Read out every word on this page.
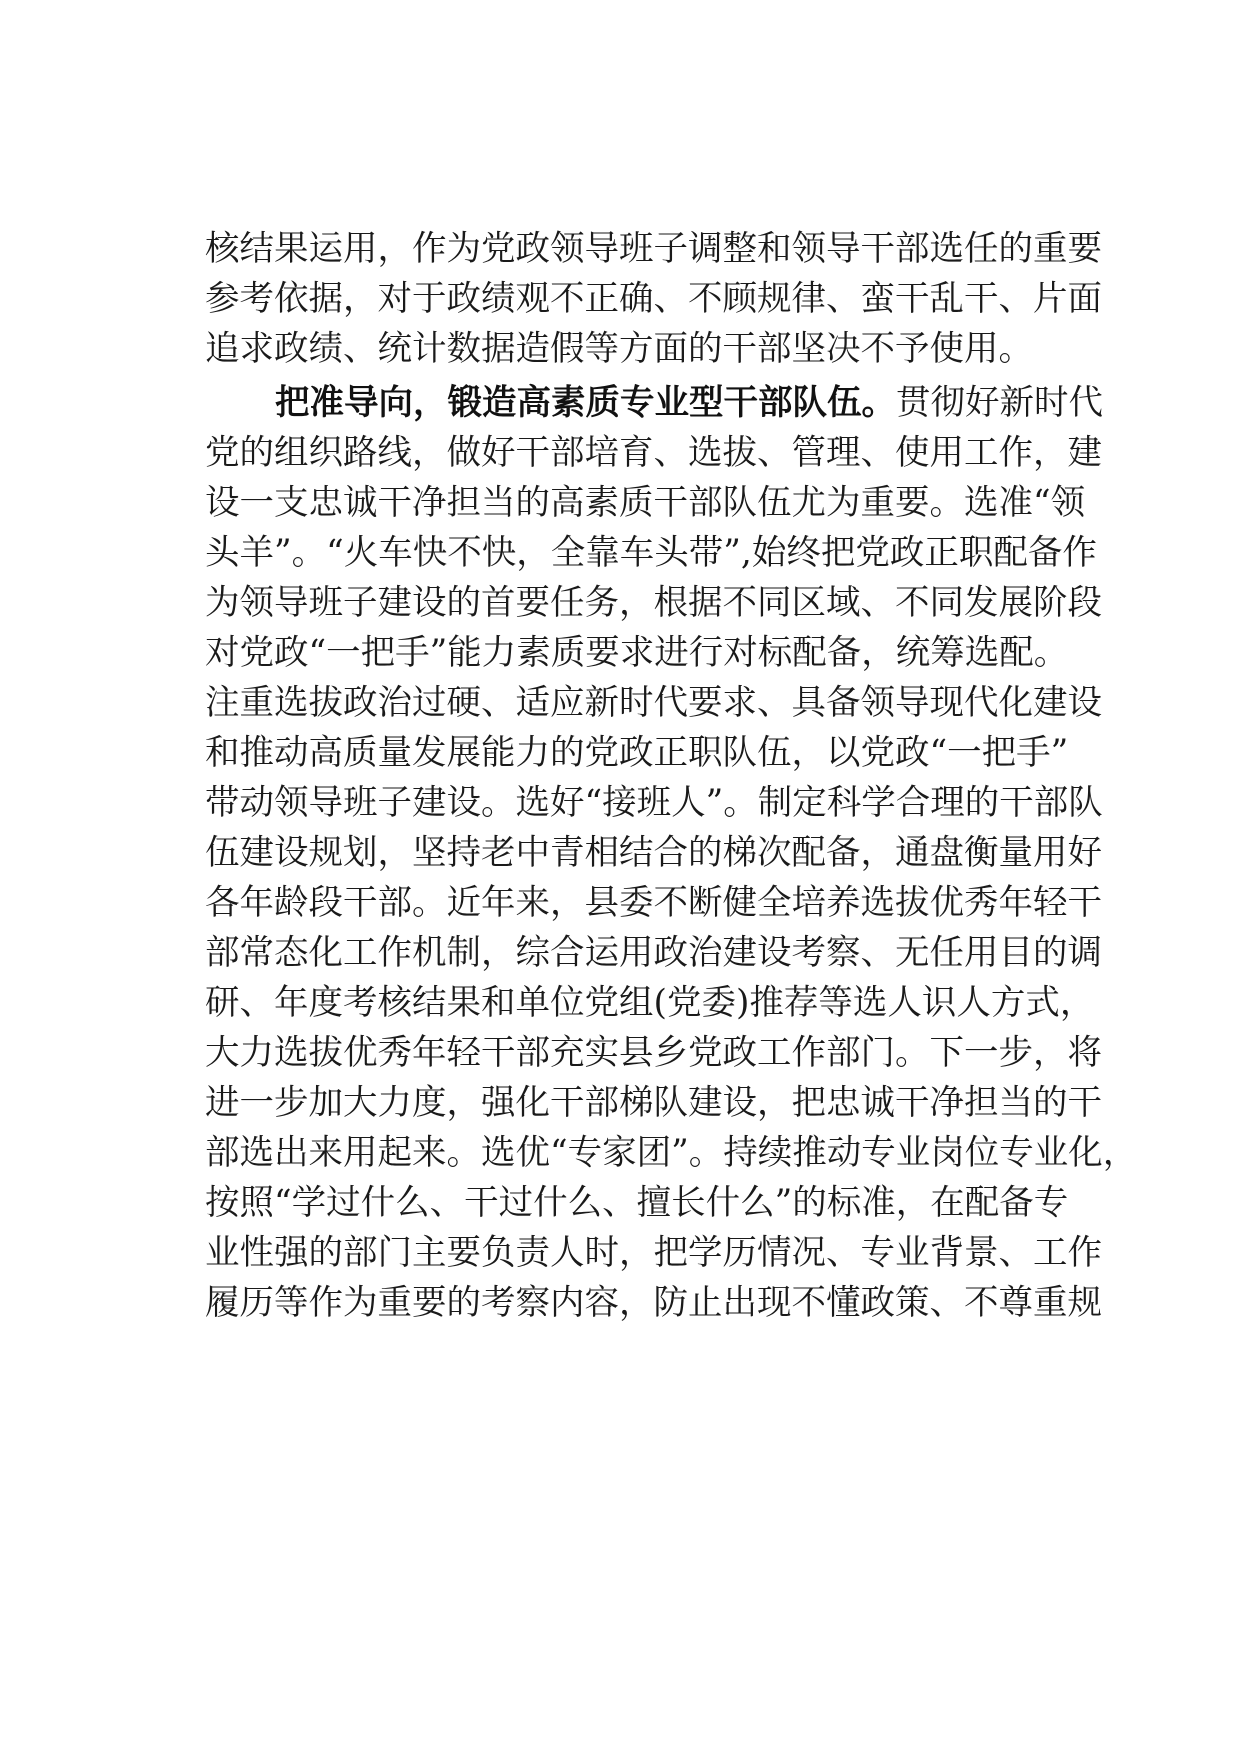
核结果运用，作为党政领导班子调整和领导干部选任的重要
参考依据，对于政绩观不正确、不顾规律、蛮干乱干、片面
追求政绩、统计数据造假等方面的干部坚决不予使用。
把准导向，锻造高素质专业型干部队伍。贯彻好新时代
党的组织路线，做好干部培育、选拔、管理、使用工作，建
设一支忠诚干净担当的高素质干部队伍尤为重要。选准“领
头羊”。“火车快不快，全靠车头带”,始终把党政正职配备作
为领导班子建设的首要任务，根据不同区域、不同发展阶段
对党政“一把手”能力素质要求进行对标配备，统筹选配。
注重选拔政治过硬、适应新时代要求、具备领导现代化建设
和推动高质量发展能力的党政正职队伍，以党政“一把手”
带动领导班子建设。选好“接班人”。制定科学合理的干部队
伍建设规划，坚持老中青相结合的梯次配备，通盘衡量用好
各年龄段干部。近年来，县委不断健全培养选拔优秀年轻干
部常态化工作机制，综合运用政治建设考察、无任用目的调
研、年度考核结果和单位党组(党委)推荐等选人识人方式，
大力选拔优秀年轻干部充实县乡党政工作部门。下一步，将
进一步加大力度，强化干部梯队建设，把忠诚干净担当的干
部选出来用起来。选优“专家团”。持续推动专业岗位专业化，
按照“学过什么、干过什么、擅长什么”的标准，在配备专
业性强的部门主要负责人时，把学历情况、专业背景、工作
履历等作为重要的考察内容，防止出现不懂政策、不尊重规
